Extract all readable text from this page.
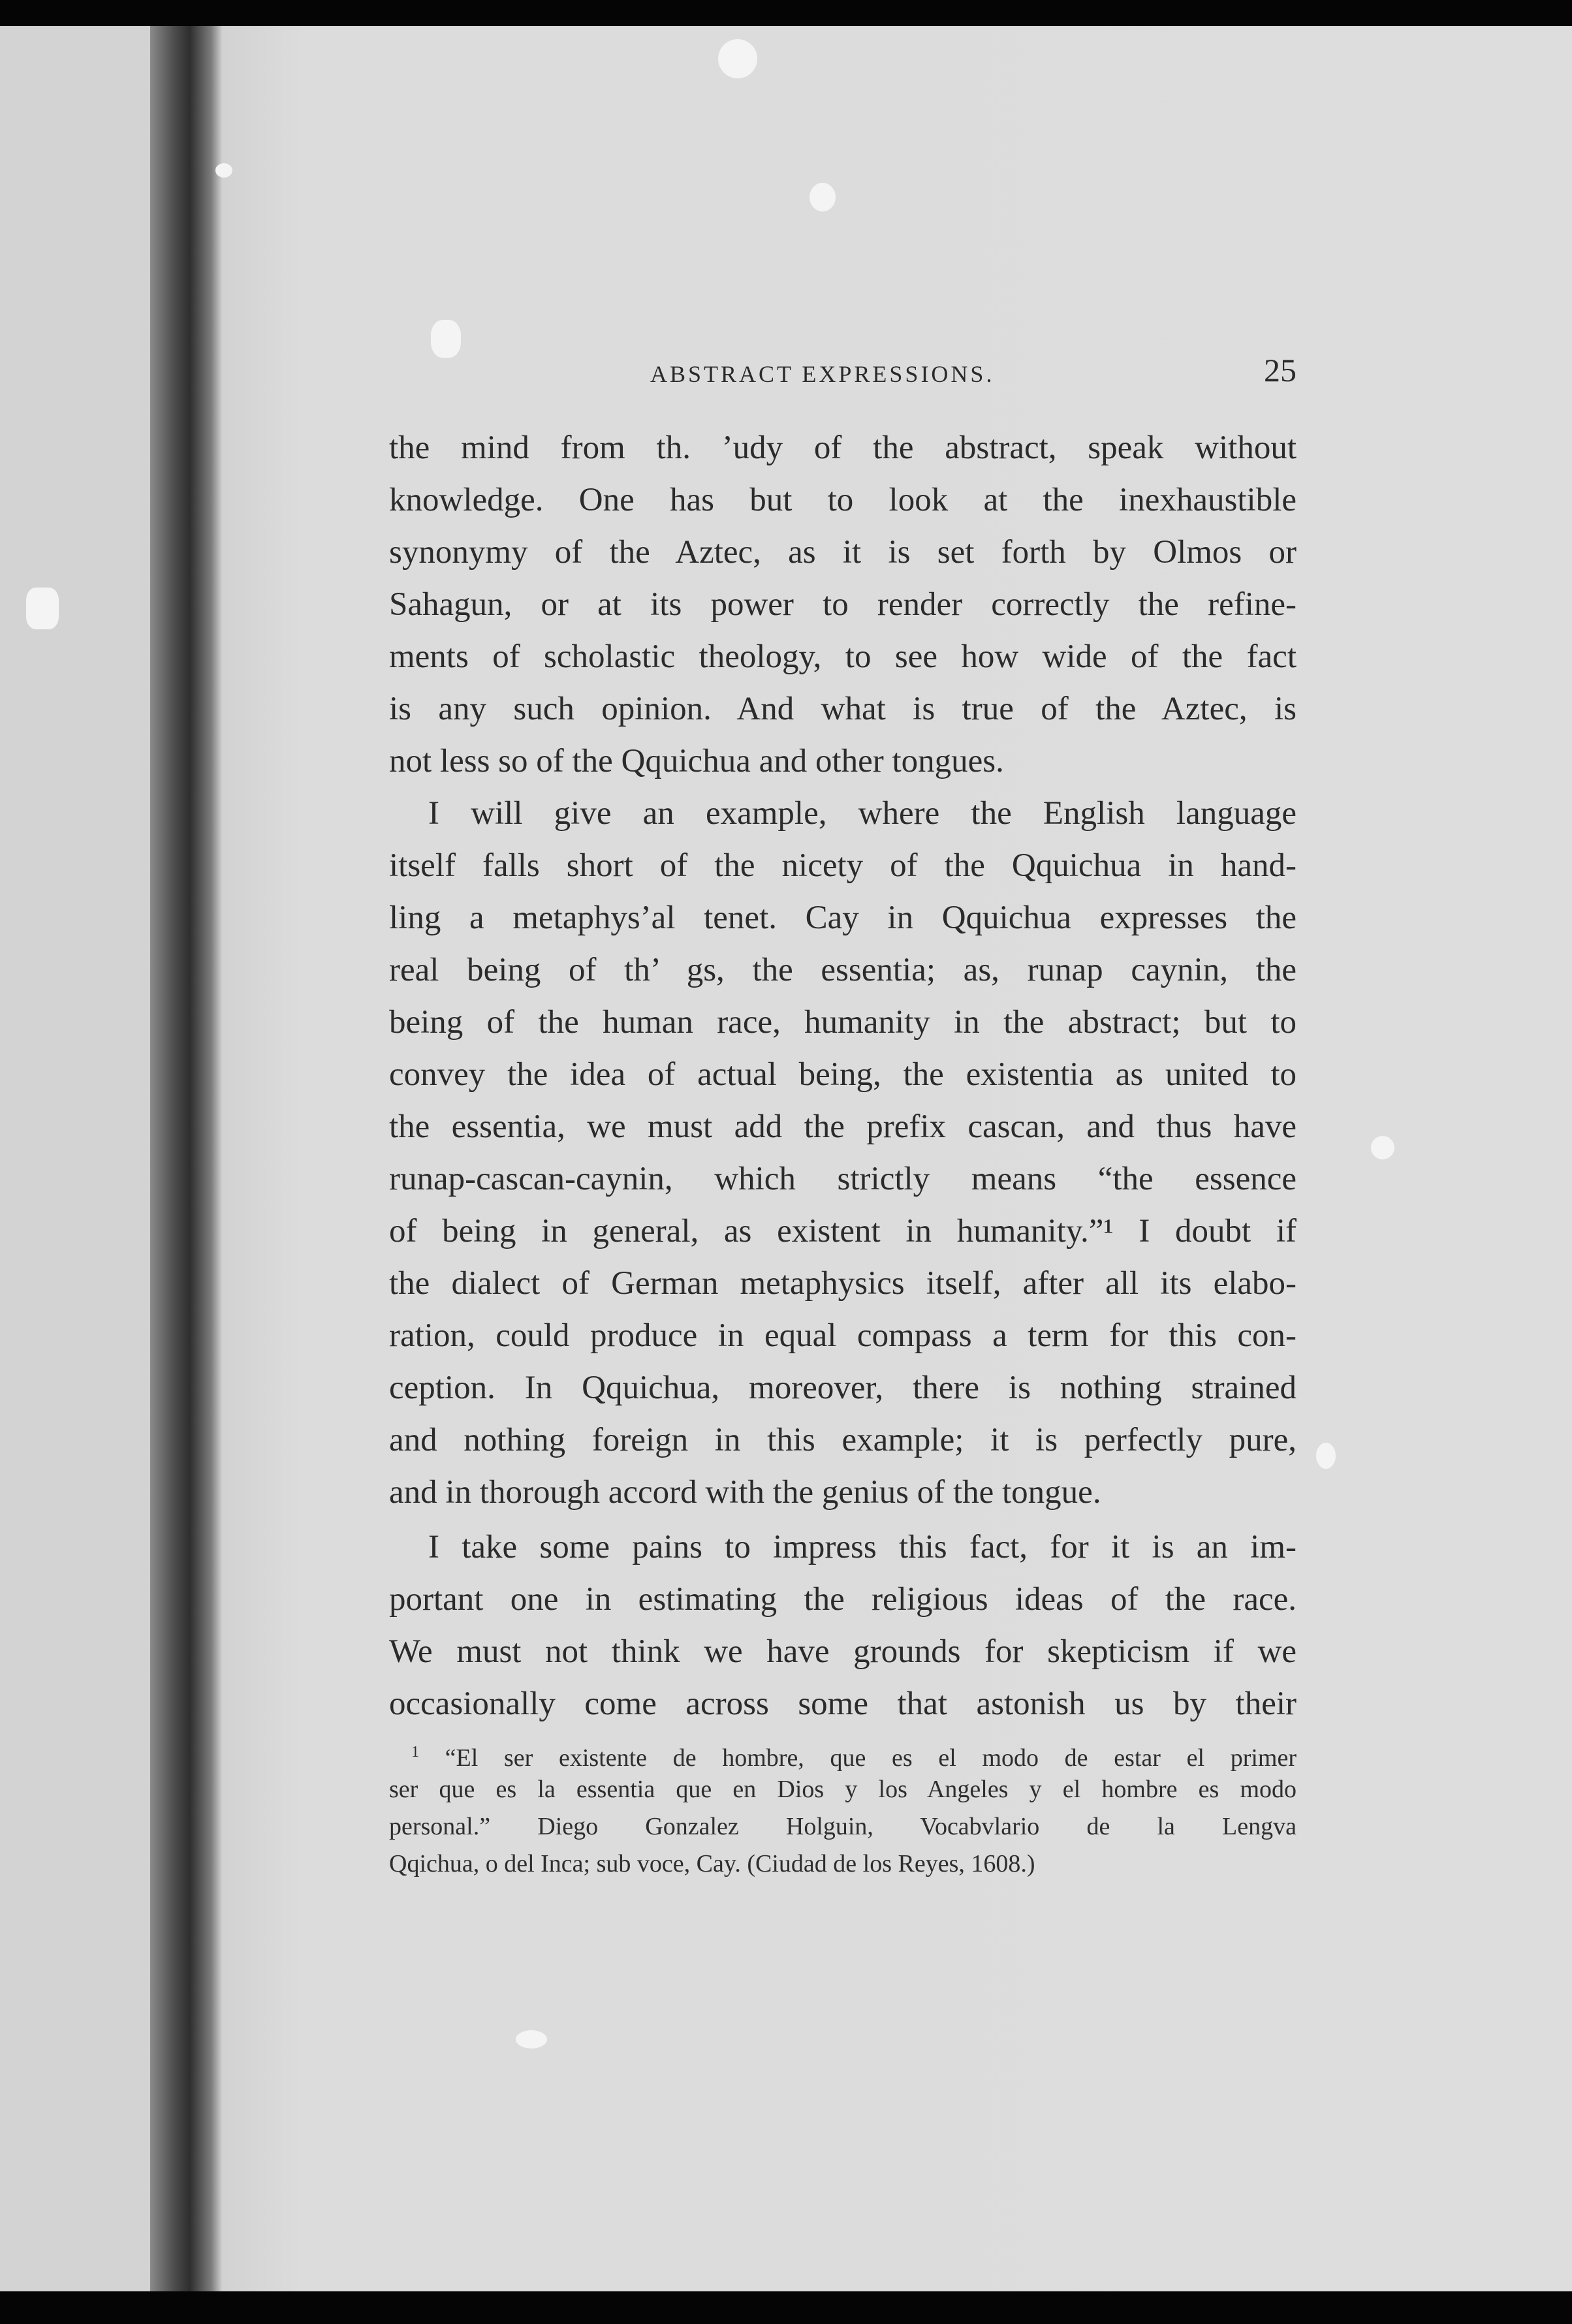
ABSTRACT EXPRESSIONS.	25
the mind from th. ’udy of the abstract, speak without
knowledge. One has but to look at the inexhaustible
synonymy of the Aztec, as it is set forth by Olmos or
Sahagun, or at its power to render correctly the refine-
ments of scholastic theology, to see how wide of the fact
is any such opinion. And what is true of the Aztec, is
not less so of the Qquichua and other tongues.
I will give an example, where the English language
itself falls short of the nicety of the Qquichua in hand-
ling a metaphys’al tenet. Cay in Qquichua expresses the
real being of th’ gs, the essentia; as, runap caynin, the
being of the human race, humanity in the abstract; but to
convey the idea of actual being, the existentia as united to
the essentia, we must add the prefix cascan, and thus have
runap-cascan-caynin, which strictly means “the essence
of being in general, as existent in humanity.”¹ I doubt if
the dialect of German metaphysics itself, after all its elabo-
ration, could produce in equal compass a term for this con-
ception. In Qquichua, moreover, there is nothing strained
and nothing foreign in this example; it is perfectly pure,
and in thorough accord with the genius of the tongue.
I take some pains to impress this fact, for it is an im-
portant one in estimating the religious ideas of the race.
We must not think we have grounds for skepticism if we
occasionally come across some that astonish us by their
$^1$ “El ser existente de hombre, que es el modo de estar el primer
ser que es la essentia que en Dios y los Angeles y el hombre es modo
personal.” Diego Gonzalez Holguin, Vocabvlario de la Lengva
Qqichua, o del Inca; sub voce, Cay. (Ciudad de los Reyes, 1608.)
